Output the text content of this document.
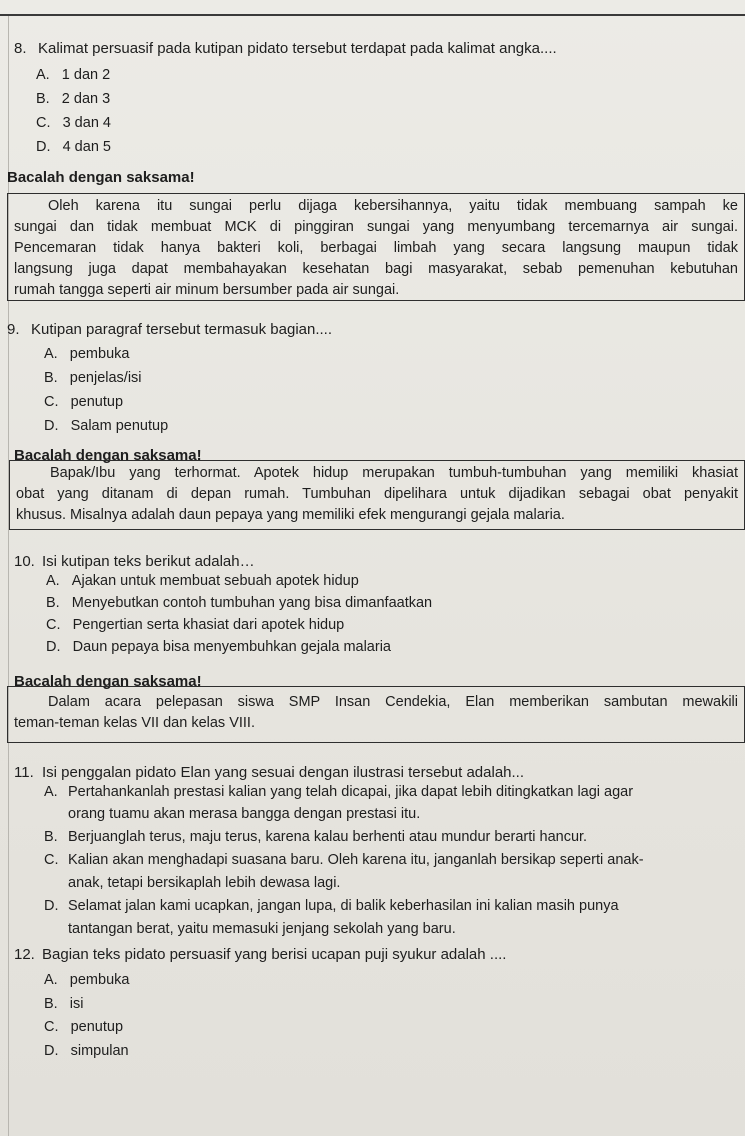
8. Kalimat persuasif pada kutipan pidato tersebut terdapat pada kalimat angka....
A. 1 dan 2
B. 2 dan 3
C. 3 dan 4
D. 4 dan 5
Bacalah dengan saksama!

Oleh karena itu sungai perlu dijaga kebersihannya, yaitu tidak membuang sampah ke

sungai dan tidak membuat MCK di pinggiran sungai yang menyumbang tercemarnya air sungai.

Pencemaran tidak hanya bakteri koli, berbagai limbah yang secara langsung maupun tidak

langsung juga dapat membahayakan kesehatan bagi masyarakat, sebab pemenuhan kebutuhan

rumah tangga seperti air minum bersumber pada air sungai.

9. Kutipan paragraf tersebut termasuk bagian....
A. pembuka
B. penjelas/isi
C. penutup
D. Salam penutup
Bacalah dengan saksama!

Bapak/Ibu yang terhormat. Apotek hidup merupakan tumbuh-tumbuhan yang memiliki khasiat

obat yang ditanam di depan rumah. Tumbuhan dipelihara untuk dijadikan sebagai obat penyakit

khusus. Misalnya adalah daun pepaya yang memiliki efek mengurangi gejala malaria.

10. Isi kutipan teks berikut adalah…
A. Ajakan untuk membuat sebuah apotek hidup
B. Menyebutkan contoh tumbuhan yang bisa dimanfaatkan
C. Pengertian serta khasiat dari apotek hidup
D. Daun pepaya bisa menyembuhkan gejala malaria
Bacalah dengan saksama!

Dalam acara pelepasan siswa SMP Insan Cendekia, Elan memberikan sambutan mewakili

teman-teman kelas VII dan kelas VIII.

11. Isi penggalan pidato Elan yang sesuai dengan ilustrasi tersebut adalah...
A. Pertahankanlah prestasi kalian yang telah dicapai, jika dapat lebih ditingkatkan lagi agar
orang tuamu akan merasa bangga dengan prestasi itu.
B. Berjuanglah terus, maju terus, karena kalau berhenti atau mundur berarti hancur.
C. Kalian akan menghadapi suasana baru. Oleh karena itu, janganlah bersikap seperti anak-
anak, tetapi bersikaplah lebih dewasa lagi.
D. Selamat jalan kami ucapkan, jangan lupa, di balik keberhasilan ini kalian masih punya
tantangan berat, yaitu memasuki jenjang sekolah yang baru.
12. Bagian teks pidato persuasif yang berisi ucapan puji syukur adalah ....
A. pembuka
B. isi
C. penutup
D. simpulan
